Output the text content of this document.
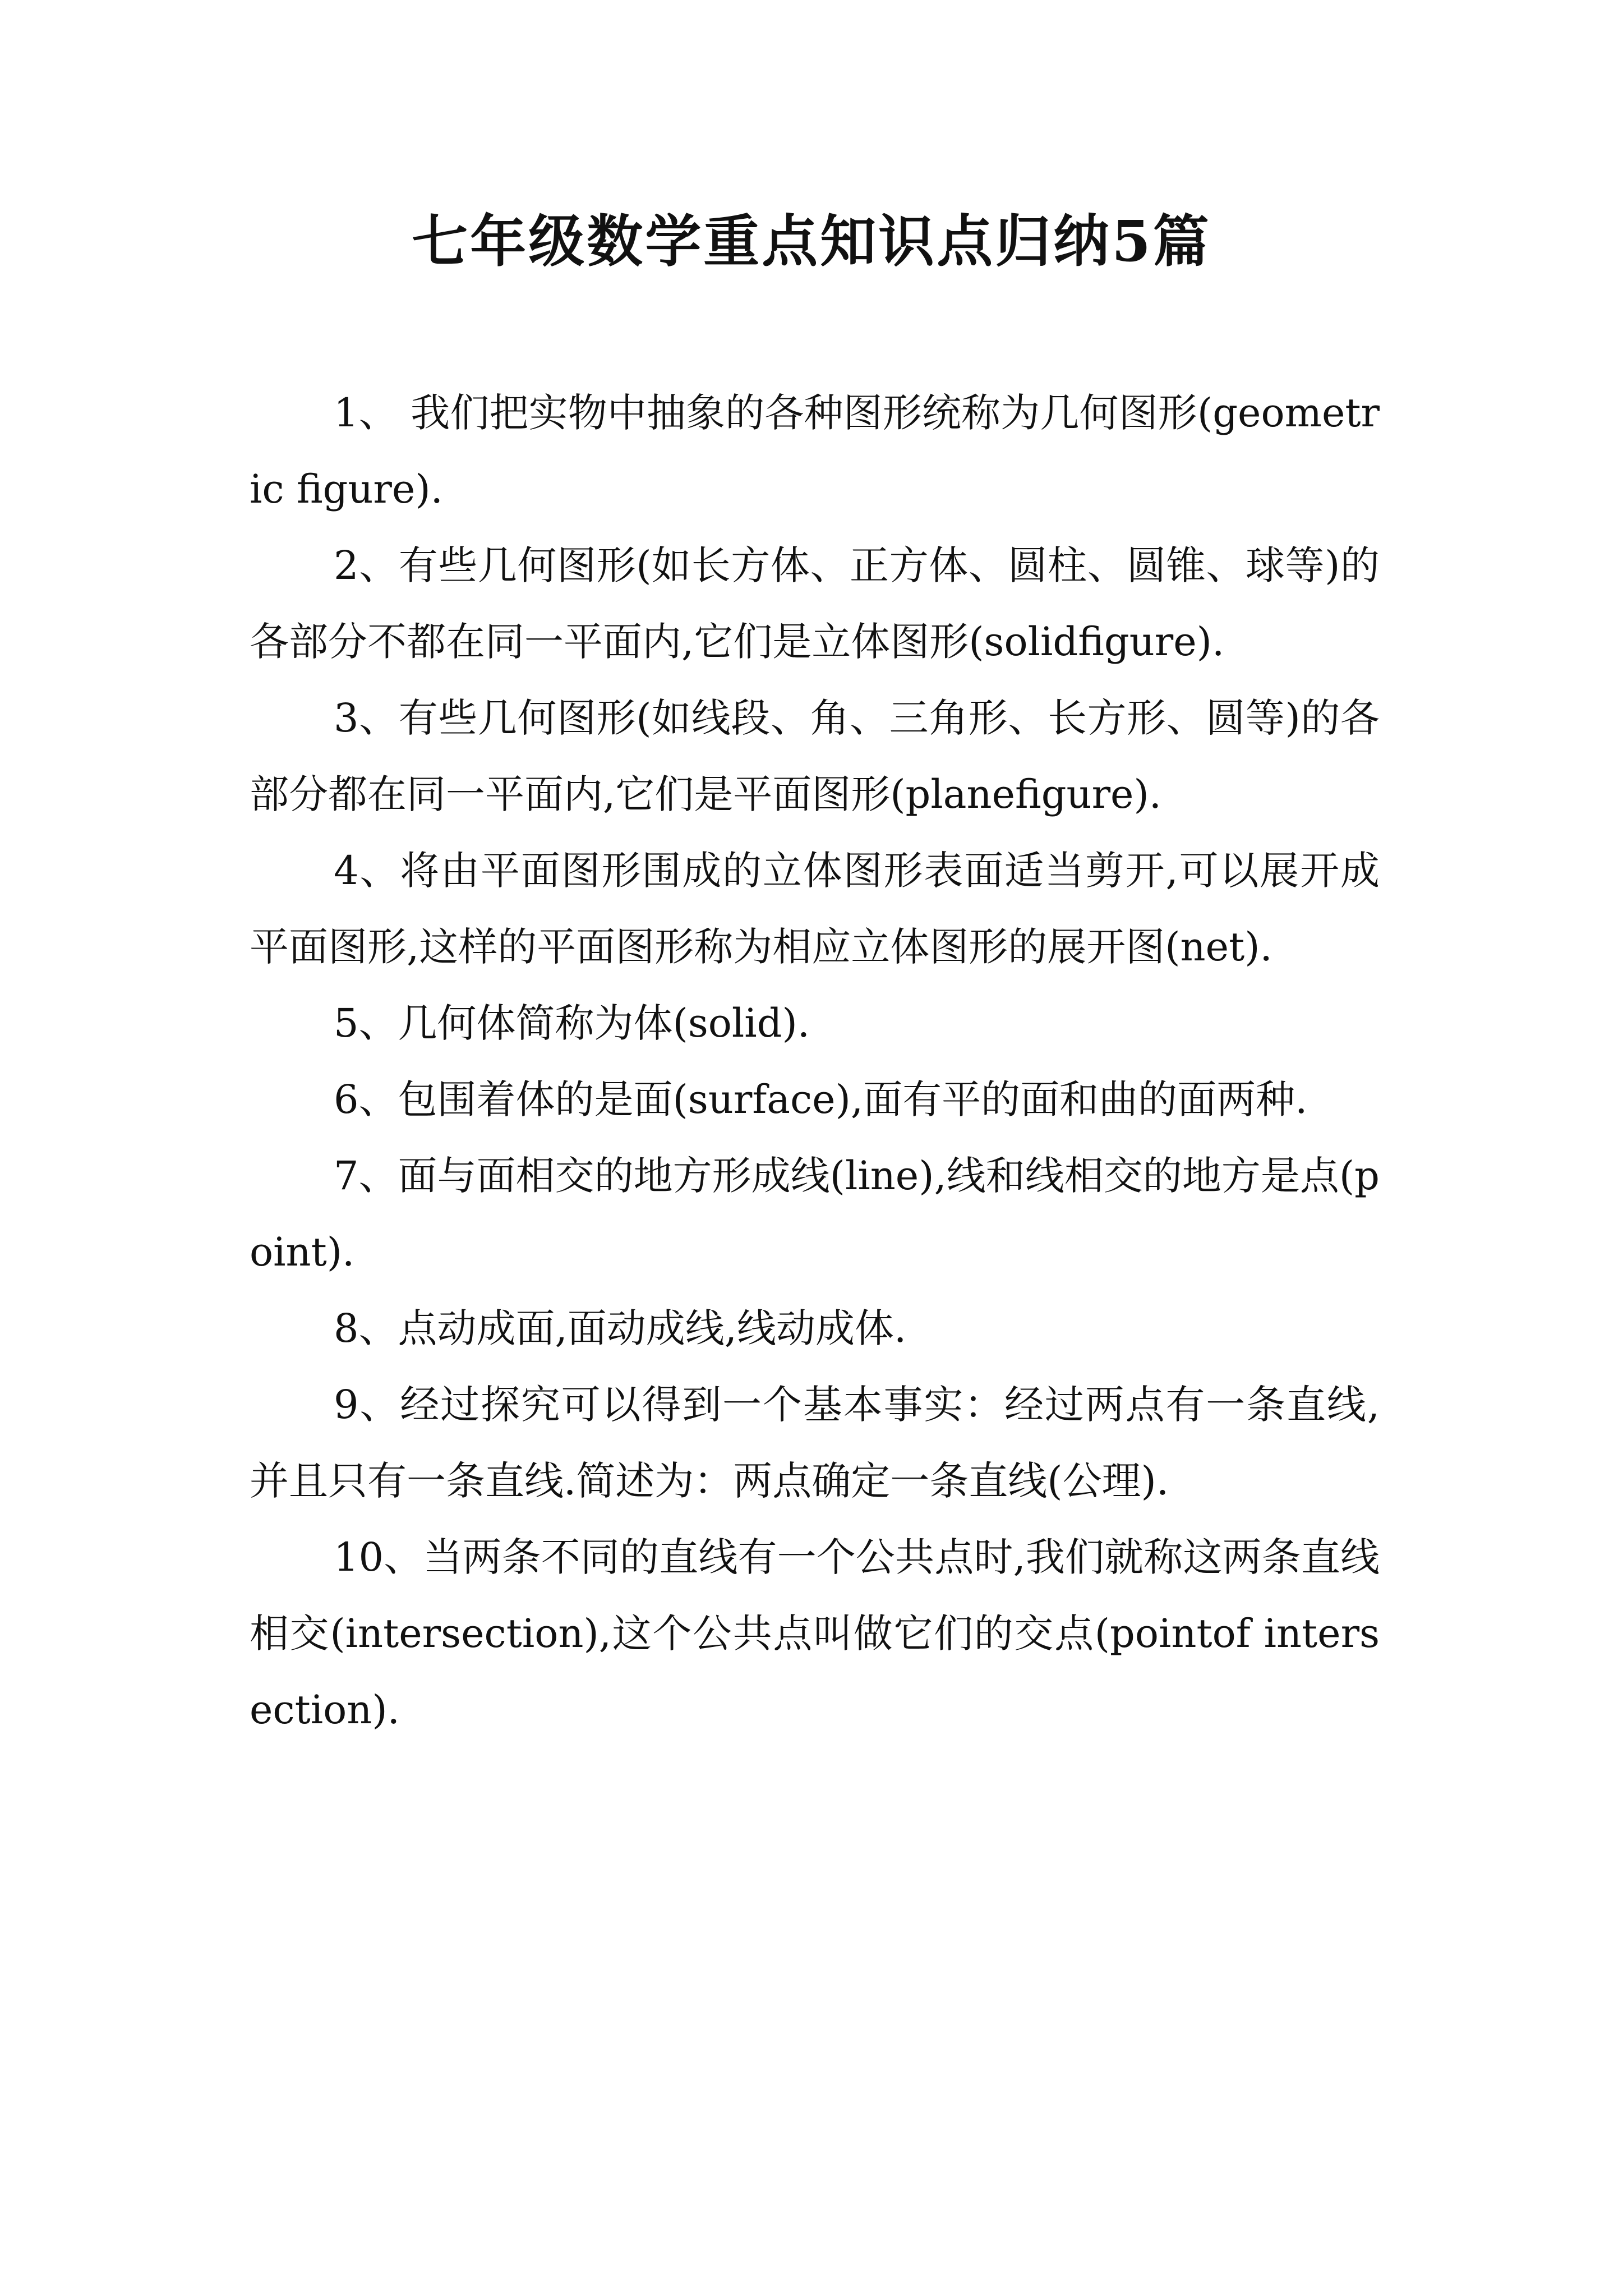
七年级数学重点知识点归纳5篇

1、 我们把实物中抽象的各种图形统称为几何图形(geometric figure).

2、有些几何图形(如长方体、正方体、圆柱、圆锥、球等)的各部分不都在同一平面内,它们是立体图形(solidfigure).

3、有些几何图形(如线段、角、三角形、长方形、圆等)的各部分都在同一平面内,它们是平面图形(planefigure).

4、将由平面图形围成的立体图形表面适当剪开,可以展开成平面图形,这样的平面图形称为相应立体图形的展开图(net).

5、几何体简称为体(solid).

6、包围着体的是面(surface),面有平的面和曲的面两种.

7、面与面相交的地方形成线(line),线和线相交的地方是点(point).

8、点动成面,面动成线,线动成体.

9、经过探究可以得到一个基本事实：经过两点有一条直线,并且只有一条直线.简述为：两点确定一条直线(公理).

10、当两条不同的直线有一个公共点时,我们就称这两条直线相交(intersection),这个公共点叫做它们的交点(pointof intersection).
